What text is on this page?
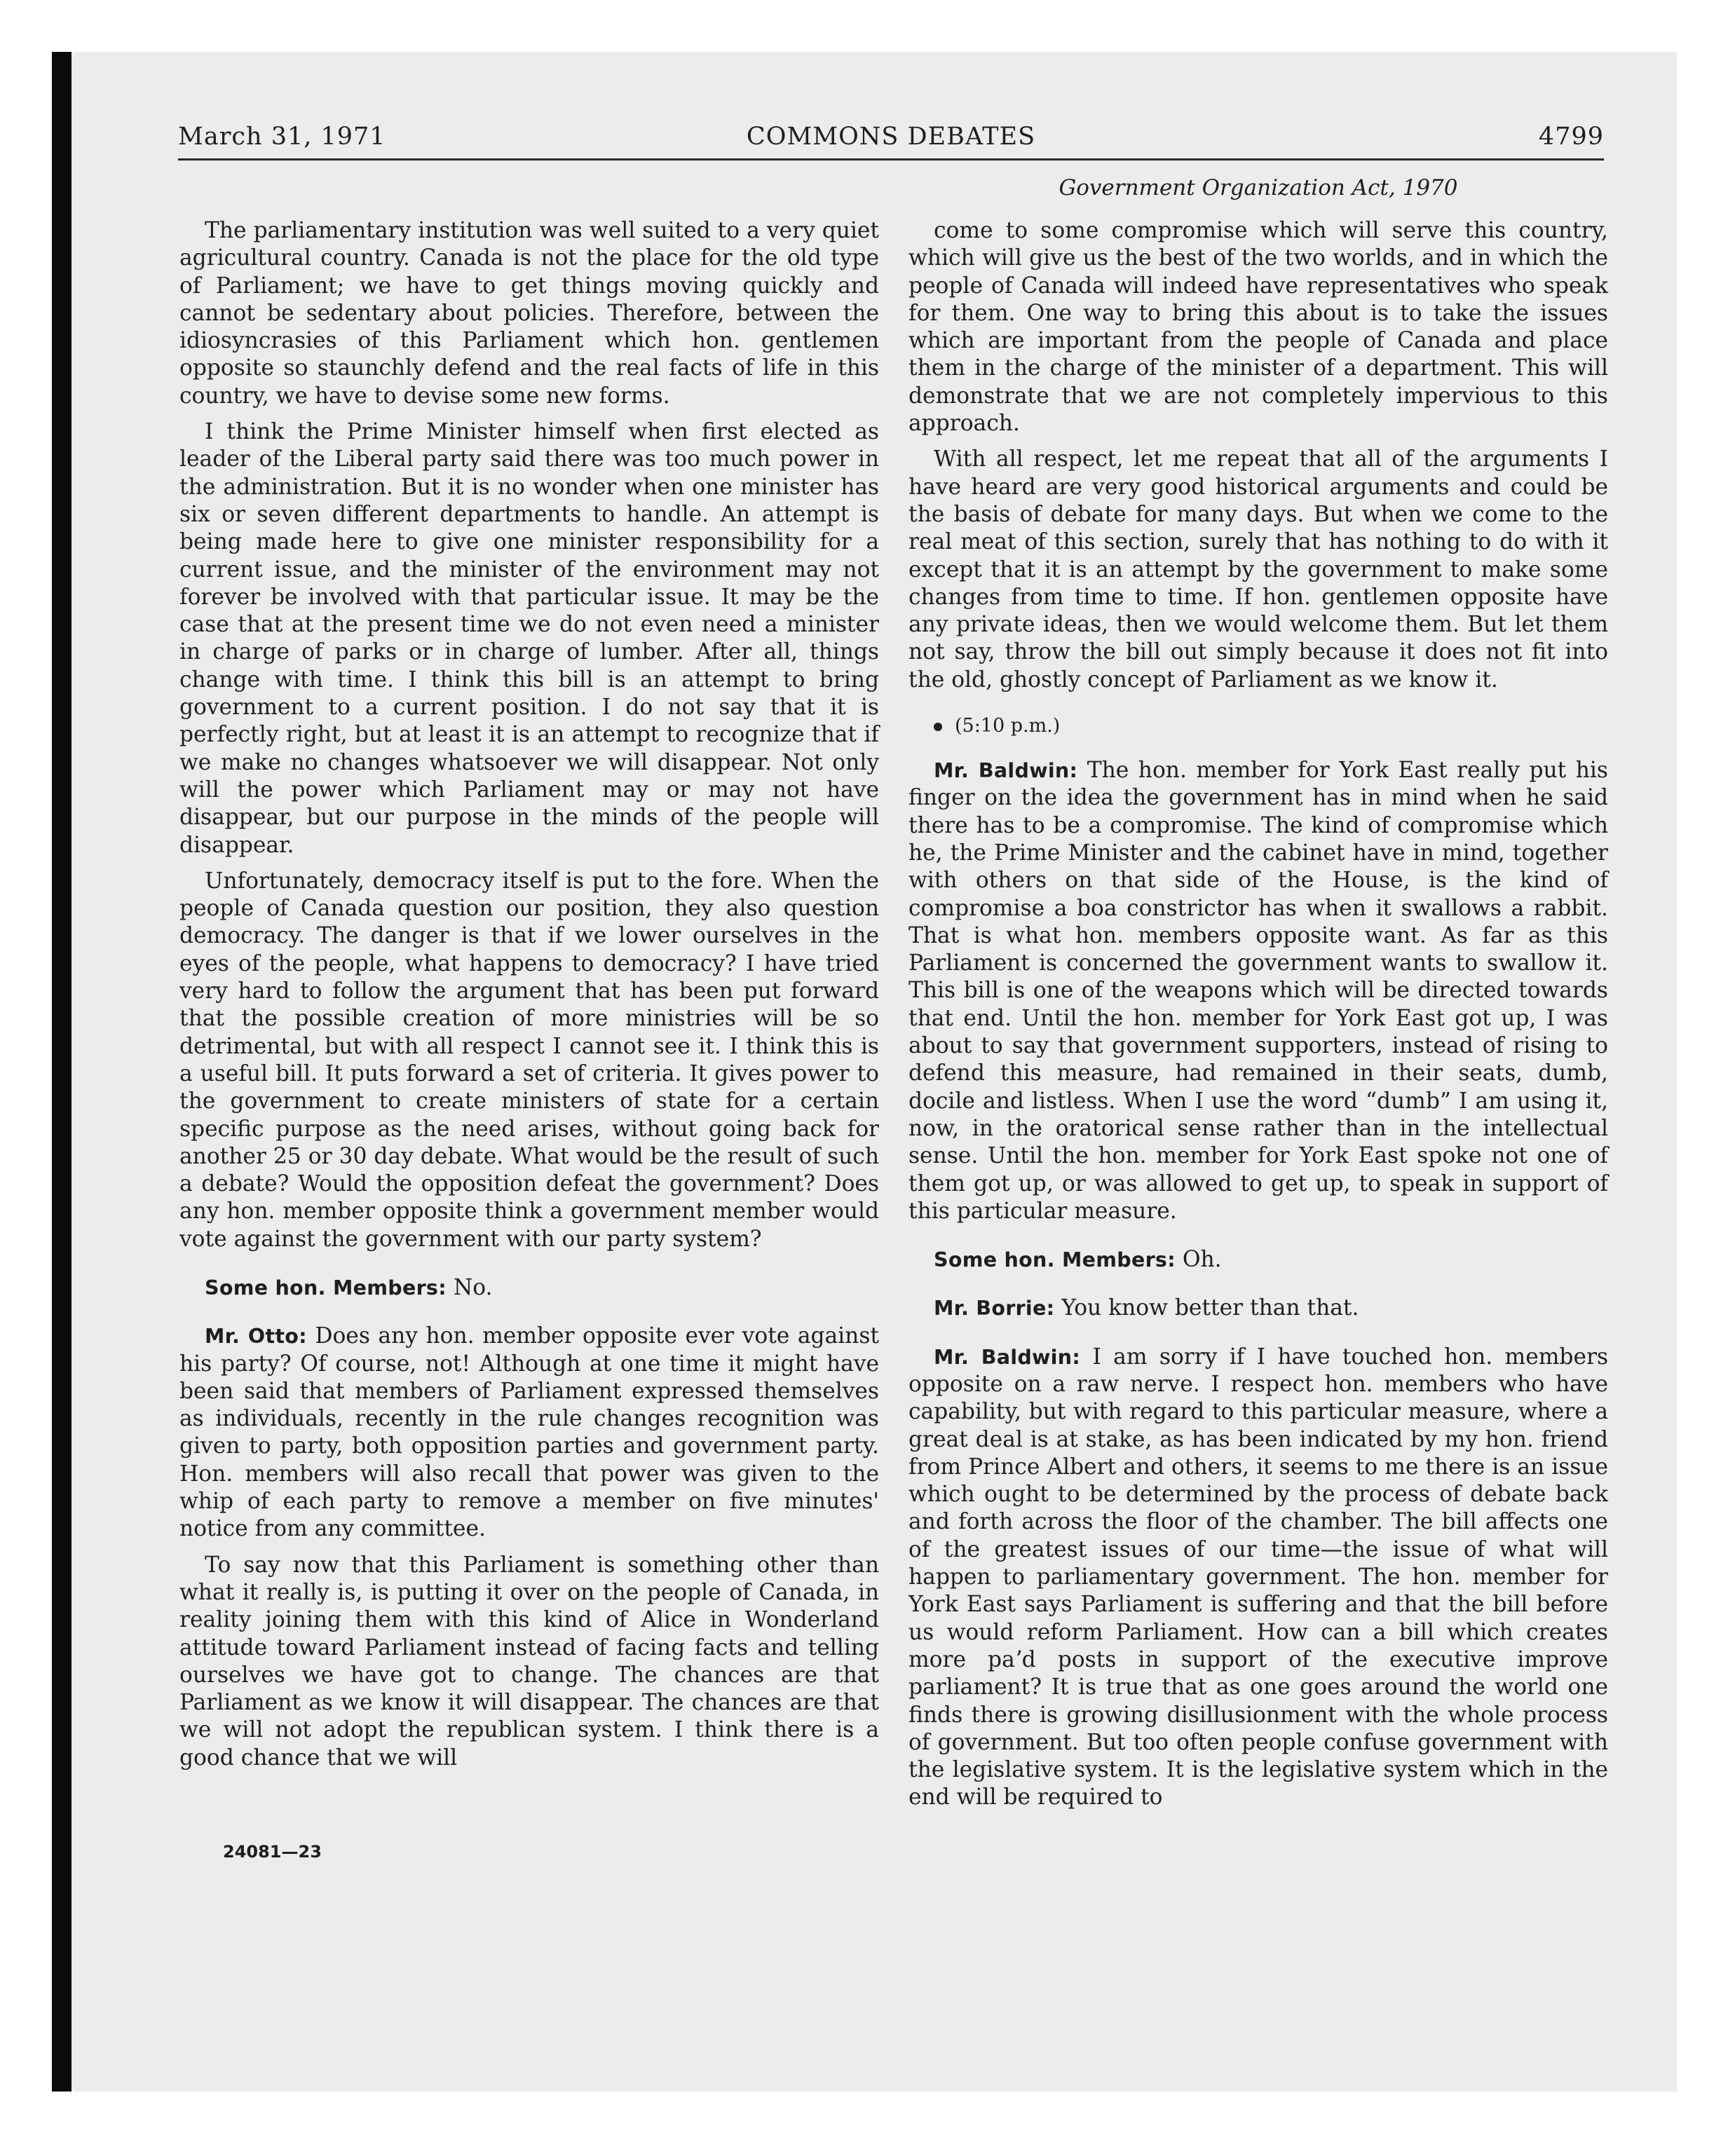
March 31, 1971	COMMONS DEBATES	4799

The parliamentary institution was well suited to a very quiet agricultural country. Canada is not the place for the old type of Parliament; we have to get things moving quickly and cannot be sedentary about policies. Therefore, between the idiosyncrasies of this Parliament which hon. gentlemen opposite so staunchly defend and the real facts of life in this country, we have to devise some new forms.

I think the Prime Minister himself when first elected as leader of the Liberal party said there was too much power in the administration. But it is no wonder when one minister has six or seven different departments to handle. An attempt is being made here to give one minister responsibility for a current issue, and the minister of the environment may not forever be involved with that particular issue. It may be the case that at the present time we do not even need a minister in charge of parks or in charge of lumber. After all, things change with time. I think this bill is an attempt to bring government to a current position. I do not say that it is perfectly right, but at least it is an attempt to recognize that if we make no changes whatsoever we will disappear. Not only will the power which Parliament may or may not have disappear, but our purpose in the minds of the people will disappear.

Unfortunately, democracy itself is put to the fore. When the people of Canada question our position, they also question democracy. The danger is that if we lower ourselves in the eyes of the people, what happens to democracy? I have tried very hard to follow the argument that has been put forward that the possible creation of more ministries will be so detrimental, but with all respect I cannot see it. I think this is a useful bill. It puts forward a set of criteria. It gives power to the government to create ministers of state for a certain specific purpose as the need arises, without going back for another 25 or 30 day debate. What would be the result of such a debate? Would the opposition defeat the government? Does any hon. member opposite think a government member would vote against the government with our party system?

Some hon. Members: No.

Mr. Otto: Does any hon. member opposite ever vote against his party? Of course, not! Although at one time it might have been said that members of Parliament expressed themselves as individuals, recently in the rule changes recognition was given to party, both opposition parties and government party. Hon. members will also recall that power was given to the whip of each party to remove a member on five minutes' notice from any committee.

To say now that this Parliament is something other than what it really is, is putting it over on the people of Canada, in reality joining them with this kind of Alice in Wonderland attitude toward Parliament instead of facing facts and telling ourselves we have got to change. The chances are that Parliament as we know it will disappear. The chances are that we will not adopt the republican system. I think there is a good chance that we will

24081—23
Government Organization Act, 1970

come to some compromise which will serve this country, which will give us the best of the two worlds, and in which the people of Canada will indeed have representatives who speak for them. One way to bring this about is to take the issues which are important from the people of Canada and place them in the charge of the minister of a department. This will demonstrate that we are not completely impervious to this approach.

With all respect, let me repeat that all of the arguments I have heard are very good historical arguments and could be the basis of debate for many days. But when we come to the real meat of this section, surely that has nothing to do with it except that it is an attempt by the government to make some changes from time to time. If hon. gentlemen opposite have any private ideas, then we would welcome them. But let them not say, throw the bill out simply because it does not fit into the old, ghostly concept of Parliament as we know it.

(5:10 p.m.)

Mr. Baldwin: The hon. member for York East really put his finger on the idea the government has in mind when he said there has to be a compromise. The kind of compromise which he, the Prime Minister and the cabinet have in mind, together with others on that side of the House, is the kind of compromise a boa constrictor has when it swallows a rabbit. That is what hon. members opposite want. As far as this Parliament is concerned the government wants to swallow it. This bill is one of the weapons which will be directed towards that end. Until the hon. member for York East got up, I was about to say that government supporters, instead of rising to defend this measure, had remained in their seats, dumb, docile and listless. When I use the word “dumb” I am using it, now, in the oratorical sense rather than in the intellectual sense. Until the hon. member for York East spoke not one of them got up, or was allowed to get up, to speak in support of this particular measure.

Some hon. Members: Oh.

Mr. Borrie: You know better than that.

Mr. Baldwin: I am sorry if I have touched hon. members opposite on a raw nerve. I respect hon. members who have capability, but with regard to this particular measure, where a great deal is at stake, as has been indicated by my hon. friend from Prince Albert and others, it seems to me there is an issue which ought to be determined by the process of debate back and forth across the floor of the chamber. The bill affects one of the greatest issues of our time—the issue of what will happen to parliamentary government. The hon. member for York East says Parliament is suffering and that the bill before us would reform Parliament. How can a bill which creates more paʼd posts in support of the executive improve parliament? It is true that as one goes around the world one finds there is growing disillusionment with the whole process of government. But too often people confuse government with the legislative system. It is the legislative system which in the end will be required to
